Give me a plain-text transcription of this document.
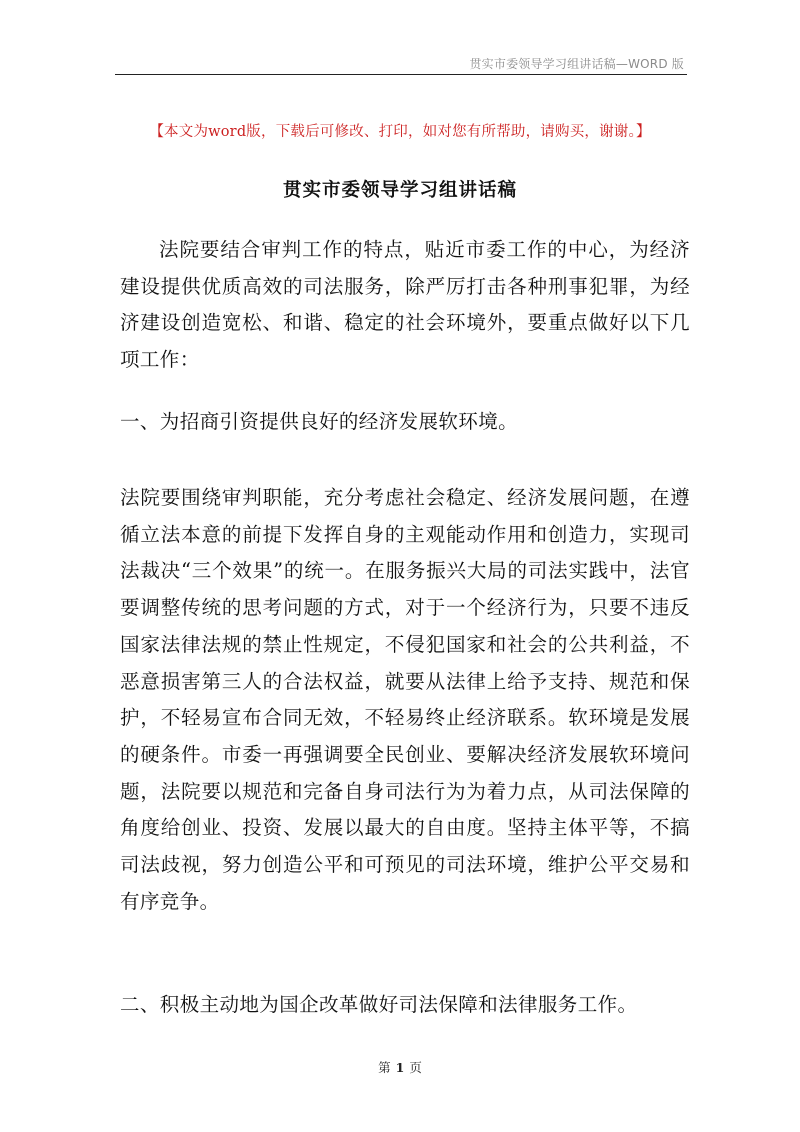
贯实市委领导学习组讲话稿—WORD 版
【本文为word版，下载后可修改、打印，如对您有所帮助，请购买，谢谢。】
贯实市委领导学习组讲话稿

法院要结合审判工作的特点，贴近市委工作的中心，为经济建设提供优质高效的司法服务，除严厉打击各种刑事犯罪，为经济建设创造宽松、和谐、稳定的社会环境外，要重点做好以下几项工作：

一、为招商引资提供良好的经济发展软环境。

法院要围绕审判职能，充分考虑社会稳定、经济发展问题，在遵循立法本意的前提下发挥自身的主观能动作用和创造力，实现司法裁决“三个效果”的统一。在服务振兴大局的司法实践中，法官要调整传统的思考问题的方式，对于一个经济行为，只要不违反国家法律法规的禁止性规定，不侵犯国家和社会的公共利益，不恶意损害第三人的合法权益，就要从法律上给予支持、规范和保护，不轻易宣布合同无效，不轻易终止经济联系。软环境是发展的硬条件。市委一再强调要全民创业、要解决经济发展软环境问题，法院要以规范和完备自身司法行为为着力点，从司法保障的角度给创业、投资、发展以最大的自由度。坚持主体平等，不搞司法歧视，努力创造公平和可预见的司法环境，维护公平交易和有序竞争。

二、积极主动地为国企改革做好司法保障和法律服务工作。

第 1 页
